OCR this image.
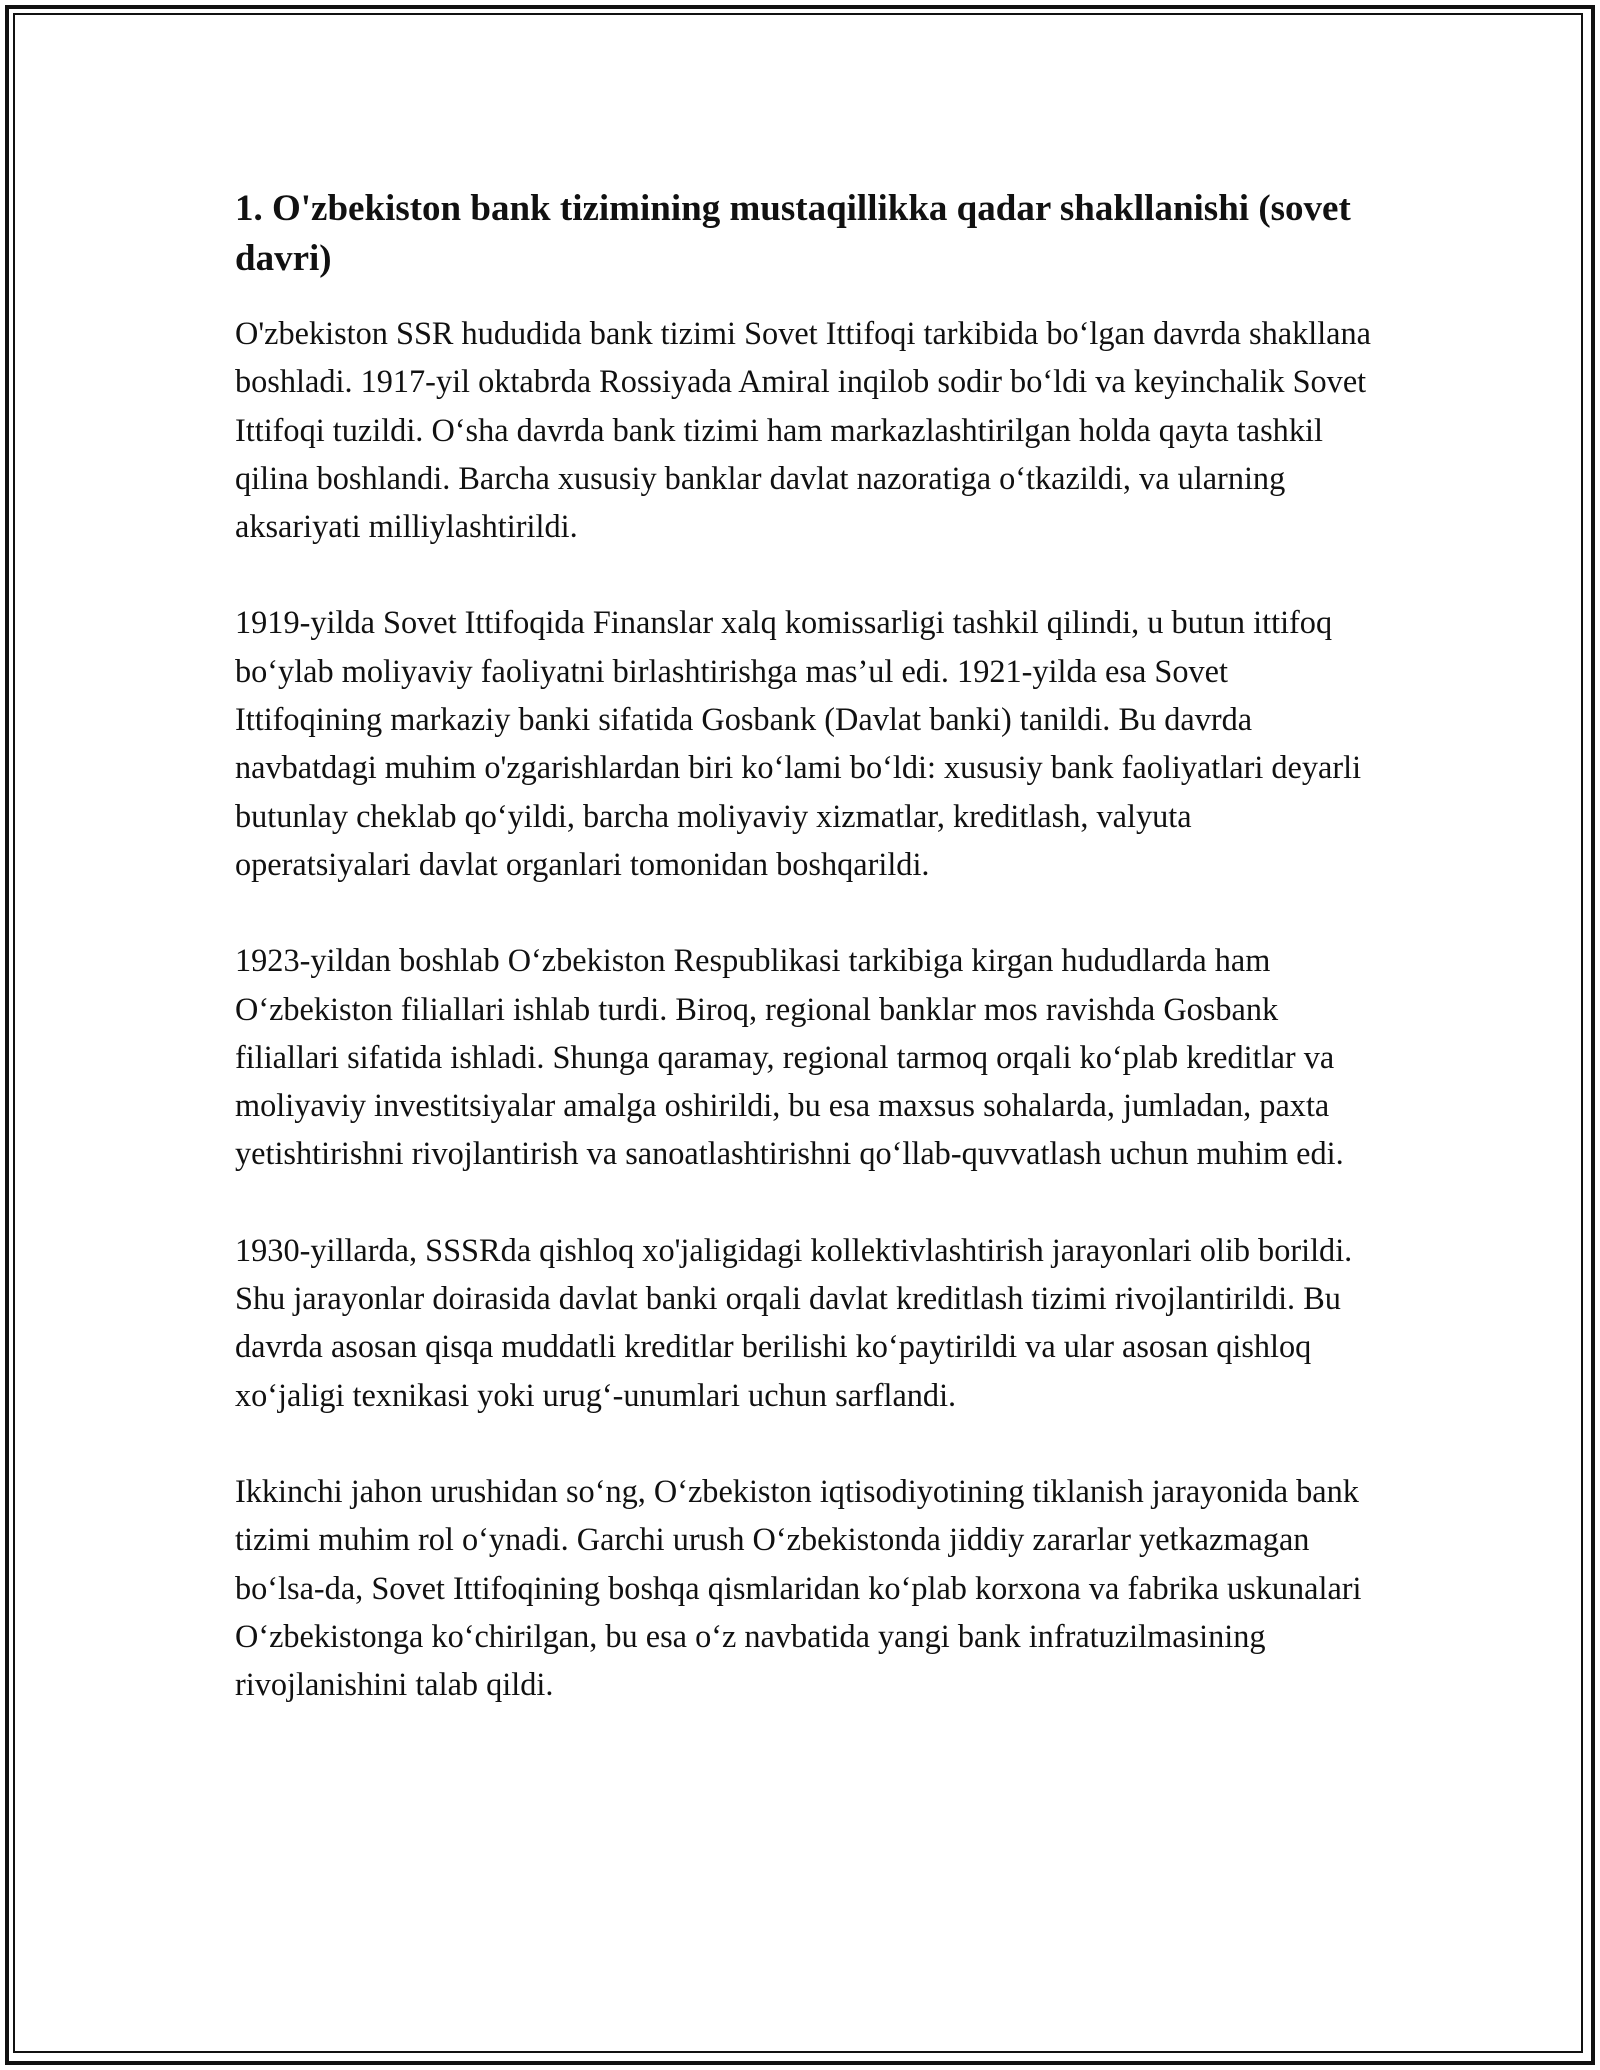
1. O'zbekiston bank tizimining mustaqillikka qadar shakllanishi (sovet davri)

O'zbekiston SSR hududida bank tizimi Sovet Ittifoqi tarkibida bo‘lgan davrda shakllana boshladi. 1917-yil oktabrda Rossiyada Amiral inqilob sodir bo‘ldi va keyinchalik Sovet Ittifoqi tuzildi. O‘sha davrda bank tizimi ham markazlashtirilgan holda qayta tashkil qilina boshlandi. Barcha xususiy banklar davlat nazoratiga o‘tkazildi, va ularning aksariyati milliylashtirildi.

1919-yilda Sovet Ittifoqida Finanslar xalq komissarligi tashkil qilindi, u butun ittifoq bo‘ylab moliyaviy faoliyatni birlashtirishga mas’ul edi. 1921-yilda esa Sovet Ittifoqining markaziy banki sifatida Gosbank (Davlat banki) tanildi. Bu davrda navbatdagi muhim o'zgarishlardan biri ko‘lami bo‘ldi: xususiy bank faoliyatlari deyarli butunlay cheklab qo‘yildi, barcha moliyaviy xizmatlar, kreditlash, valyuta operatsiyalari davlat organlari tomonidan boshqarildi.

1923-yildan boshlab O‘zbekiston Respublikasi tarkibiga kirgan hududlarda ham O‘zbekiston filiallari ishlab turdi. Biroq, regional banklar mos ravishda Gosbank filiallari sifatida ishladi. Shunga qaramay, regional tarmoq orqali ko‘plab kreditlar va moliyaviy investitsiyalar amalga oshirildi, bu esa maxsus sohalarda, jumladan, paxta yetishtirishni rivojlantirish va sanoatlashtirishni qo‘llab-quvvatlash uchun muhim edi.

1930-yillarda, SSSRda qishloq xo'jaligidagi kollektivlashtirish jarayonlari olib borildi. Shu jarayonlar doirasida davlat banki orqali davlat kreditlash tizimi rivojlantirildi. Bu davrda asosan qisqa muddatli kreditlar berilishi ko‘paytirildi va ular asosan qishloq xo‘jaligi texnikasi yoki urug‘-unumlari uchun sarflandi.

Ikkinchi jahon urushidan so‘ng, O‘zbekiston iqtisodiyotining tiklanish jarayonida bank tizimi muhim rol o‘ynadi. Garchi urush O‘zbekistonda jiddiy zararlar yetkazmagan bo‘lsa-da, Sovet Ittifoqining boshqa qismlaridan ko‘plab korxona va fabrika uskunalari O‘zbekistonga ko‘chirilgan, bu esa o‘z navbatida yangi bank infratuzilmasining rivojlanishini talab qildi.
